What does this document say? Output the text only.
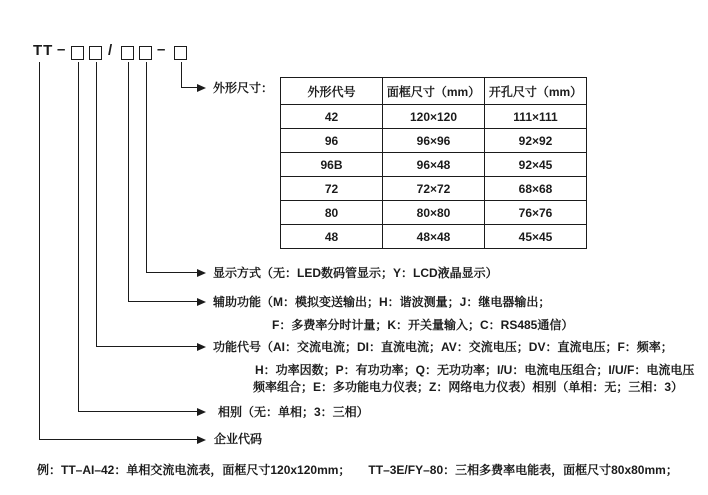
TT –	/	–
外形代号	面框尺寸（mm）	开孔尺寸（mm）
42	120×120	111×111
96	96×96	92×92
96B	96×48	92×45
72	72×72	68×68
80	80×80	76×76
48	48×48	45×45
外形尺寸：
显示方式（无：LED数码管显示；Y：LCD液晶显示）
辅助功能（M：模拟变送输出；H：谐波测量；J：继电器输出；
F：多费率分时计量；K：开关量输入；C：RS485通信）
功能代号（AI：交流电流；DI：直流电流；AV：交流电压；DV：直流电压；F：频率；
H：功率因数；P：有功功率；Q：无功功率；I/U：电流电压组合；I/U/F：电流电压
频率组合；E：多功能电力仪表；Z：网络电力仪表）相别（单相：无；三相：3）
相别（无：单相；3：三相）
企业代码
例：TT–AI–42：单相交流电流表，面框尺寸120x120mm；　　TT–3E/FY–80：三相多费率电能表，面框尺寸80x80mm；
